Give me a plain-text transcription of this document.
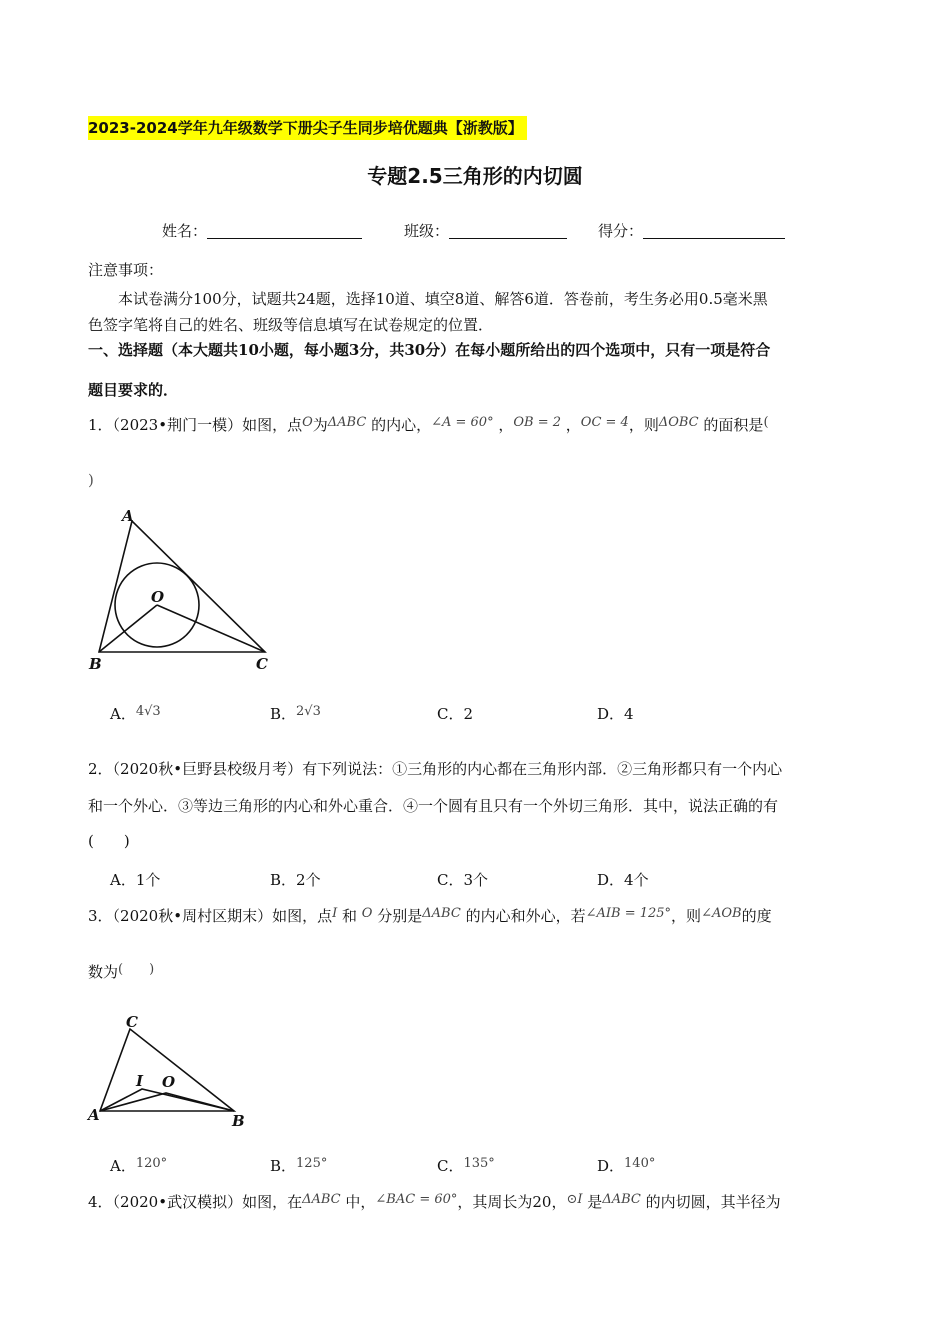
2023-2024学年九年级数学下册尖子生同步培优题典【浙教版】
专题2.5三角形的内切圆
姓名：	班级：	得分：
注意事项：
本试卷满分100分，试题共24题，选择10道、填空8道、解答6道．答卷前，考生务必用0.5毫米黑
色签字笔将自己的姓名、班级等信息填写在试卷规定的位置．
一、选择题（本大题共10小题，每小题3分，共30分）在每小题所给出的四个选项中，只有一项是符合
题目要求的．
1．（2023•荆门一模）如图，点O为ΔABC 的内心，∠A = 60° ，OB = 2 ，OC = 4，则ΔOBC 的面积是(
)
A
O
B	C
A．4√3	B．2√3	C．2	D．4
2．（2020秋•巨野县校级月考）有下列说法：①三角形的内心都在三角形内部．②三角形都只有一个内心
和一个外心．③等边三角形的内心和外心重合．④一个圆有且只有一个外切三角形．其中，说法正确的有
(　　)
A．1个	B．2个	C．3个	D．4个
3．（2020秋•周村区期末）如图，点I 和 O 分别是ΔABC 的内心和外心，若∠AIB = 125°，则∠AOB的度
数为(　　)
C
I O
A	B
A．120°	B．125°	C．135°	D．140°
4．（2020•武汉模拟）如图，在ΔABC 中，∠BAC = 60°，其周长为20，⊙I 是ΔABC 的内切圆，其半径为
